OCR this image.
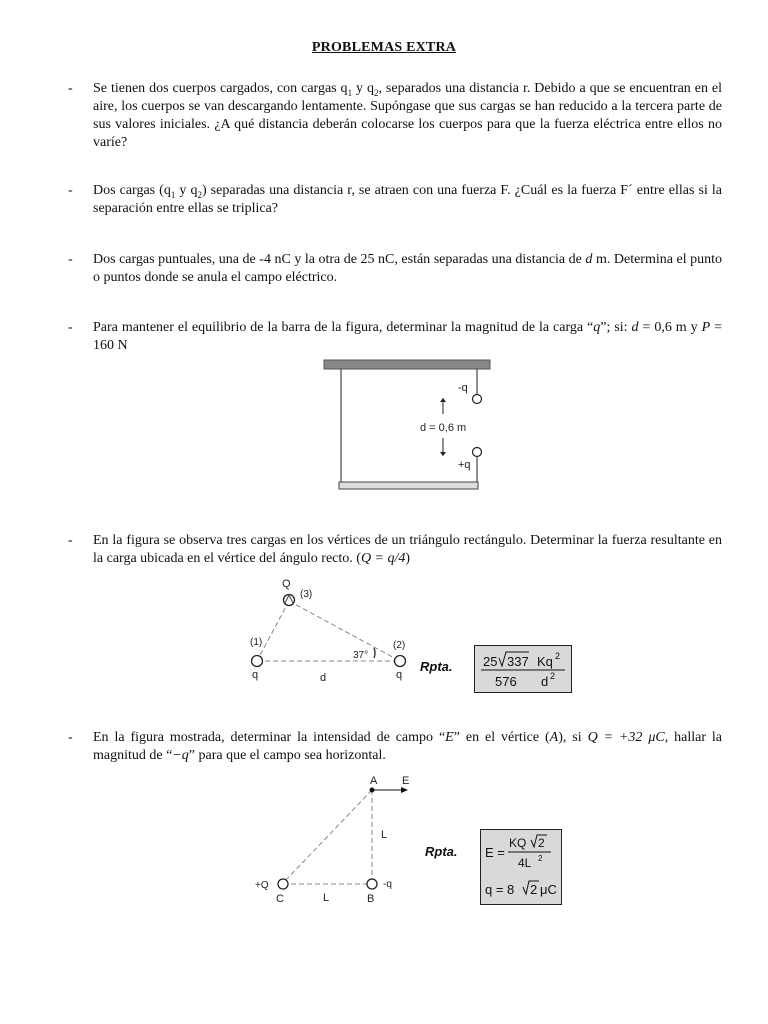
PROBLEMAS EXTRA
- Se tienen dos cuerpos cargados, con cargas $q_1$ y $q_2$, separados una distancia r. Debido a que se encuentran en el aire, los cuerpos se van descargando lentamente. Supóngase que sus cargas se han reducido a la tercera parte de sus valores iniciales. ¿A qué distancia deberán colocarse los cuerpos para que la fuerza eléctrica entre ellos no varíe?
- Dos cargas ($q_1$ y $q_2$) separadas una distancia r, se atraen con una fuerza F. ¿Cuál es la fuerza F´ entre ellas si la separación entre ellas se triplica?
- Dos cargas puntuales, una de -4 nC y la otra de 25 nC, están separadas una distancia de d m. Determina el punto o puntos donde se anula el campo eléctrico.
- Para mantener el equilibrio de la barra de la figura, determinar la magnitud de la carga “q”; si: d = 0,6 m y P = 160 N
-q
d = 0,6 m
+q
- En la figura se observa tres cargas en los vértices de un triángulo rectángulo. Determinar la fuerza resultante en la carga ubicada en el vértice del ángulo recto. (Q = q/4)
Q
(3)
(1)	(2)
37°
q	d	q
Rpta. 25 337 Kq 2
576 d 2
- En la figura mostrada, determinar la intensidad de campo “E” en el vértice (A), si Q = +32 μC, hallar la magnitud de “−q” para que el campo sea horizontal.
A E
L
+Q	-q
C	L	B
Rpta. E =
KQ 2
4L 2
q = 8 2 μC
